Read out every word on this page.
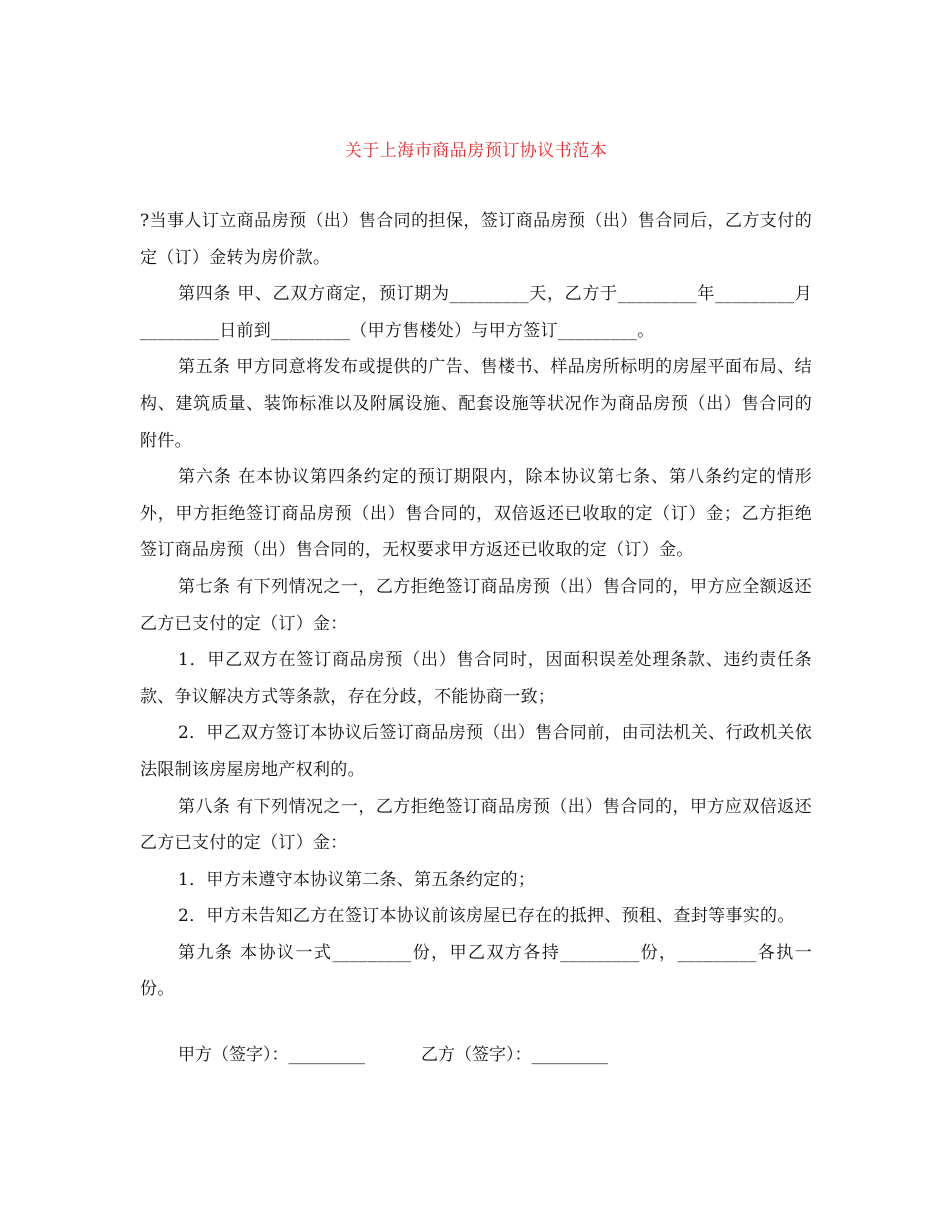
关于上海市商品房预订协议书范本

?当事人订立商品房预（出）售合同的担保，签订商品房预（出）售合同后，乙方支付的定（订）金转为房价款。

第四条 甲、乙双方商定，预订期为_________天，乙方于_________年_________月_________日前到_________（甲方售楼处）与甲方签订_________。

第五条 甲方同意将发布或提供的广告、售楼书、样品房所标明的房屋平面布局、结构、建筑质量、装饰标准以及附属设施、配套设施等状况作为商品房预（出）售合同的附件。

第六条 在本协议第四条约定的预订期限内，除本协议第七条、第八条约定的情形外，甲方拒绝签订商品房预（出）售合同的，双倍返还已收取的定（订）金；乙方拒绝签订商品房预（出）售合同的，无权要求甲方返还已收取的定（订）金。

第七条 有下列情况之一，乙方拒绝签订商品房预（出）售合同的，甲方应全额返还乙方已支付的定（订）金：

1．甲乙双方在签订商品房预（出）售合同时，因面积误差处理条款、违约责任条款、争议解决方式等条款，存在分歧，不能协商一致；

2．甲乙双方签订本协议后签订商品房预（出）售合同前，由司法机关、行政机关依法限制该房屋房地产权利的。

第八条 有下列情况之一，乙方拒绝签订商品房预（出）售合同的，甲方应双倍返还乙方已支付的定（订）金：

1．甲方未遵守本协议第二条、第五条约定的；

2．甲方未告知乙方在签订本协议前该房屋已存在的抵押、预租、查封等事实的。

第九条 本协议一式_________份，甲乙双方各持_________份，_________各执一份。

甲方（签字）：_________	乙方（签字）：_________
